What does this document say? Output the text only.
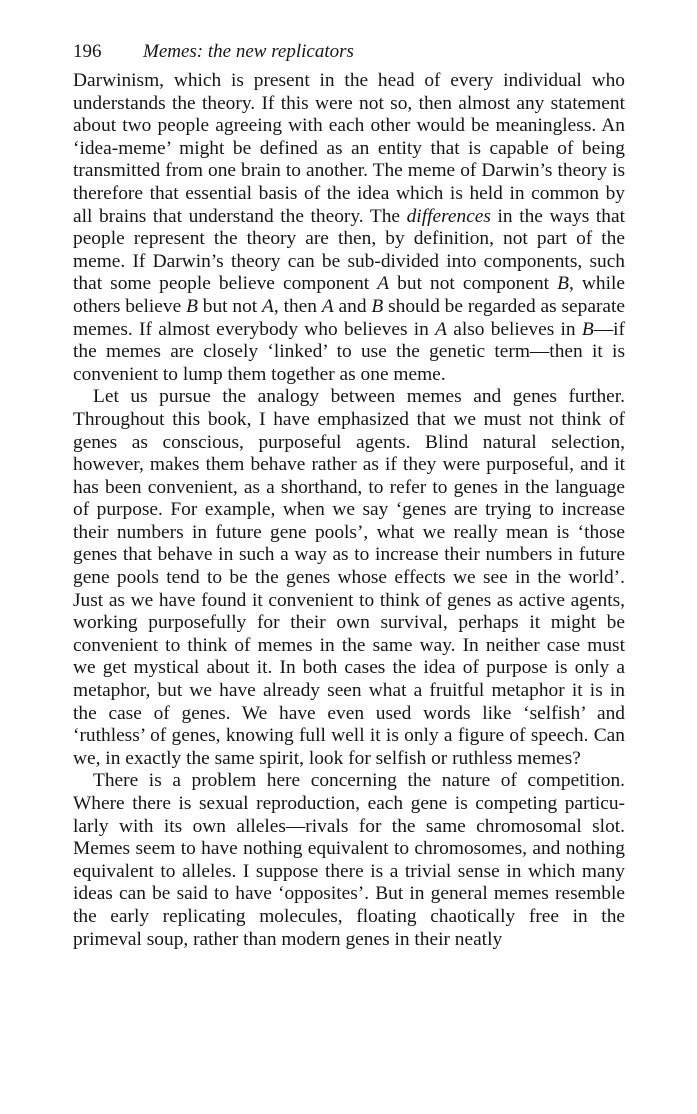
196 Memes: the new replicators

Darwinism, which is present in the head of every individual who understands the theory. If this were not so, then almost any statement about two people agreeing with each other would be meaningless. An ‘idea-meme’ might be defined as an entity that is capable of being transmitted from one brain to another. The meme of Darwin’s theory is therefore that essential basis of the idea which is held in common by all brains that understand the theory. The differences in the ways that people represent the theory are then, by definition, not part of the meme. If Darwin’s theory can be sub-divided into components, such that some people believe component A but not component B, while others believe B but not A, then A and B should be regarded as separate memes. If almost everybody who believes in A also believes in B—if the memes are closely ‘linked’ to use the genetic term—then it is convenient to lump them together as one meme.

Let us pursue the analogy between memes and genes further. Throughout this book, I have emphasized that we must not think of genes as conscious, purposeful agents. Blind natural selection, however, makes them behave rather as if they were purposeful, and it has been convenient, as a shorthand, to refer to genes in the language of purpose. For example, when we say ‘genes are trying to increase their numbers in future gene pools’, what we really mean is ‘those genes that behave in such a way as to increase their numbers in future gene pools tend to be the genes whose effects we see in the world’. Just as we have found it convenient to think of genes as active agents, working purposefully for their own survival, perhaps it might be convenient to think of memes in the same way. In neither case must we get mystical about it. In both cases the idea of purpose is only a metaphor, but we have already seen what a fruitful metaphor it is in the case of genes. We have even used words like ‘selfish’ and ‘ruthless’ of genes, knowing full well it is only a figure of speech. Can we, in exactly the same spirit, look for selfish or ruthless memes?

There is a problem here concerning the nature of competition. Where there is sexual reproduction, each gene is competing particu-larly with its own alleles—rivals for the same chromosomal slot. Memes seem to have nothing equivalent to chromosomes, and nothing equivalent to alleles. I suppose there is a trivial sense in which many ideas can be said to have ‘opposites’. But in general memes resemble the early replicating molecules, floating chaotically free in the primeval soup, rather than modern genes in their neatly
